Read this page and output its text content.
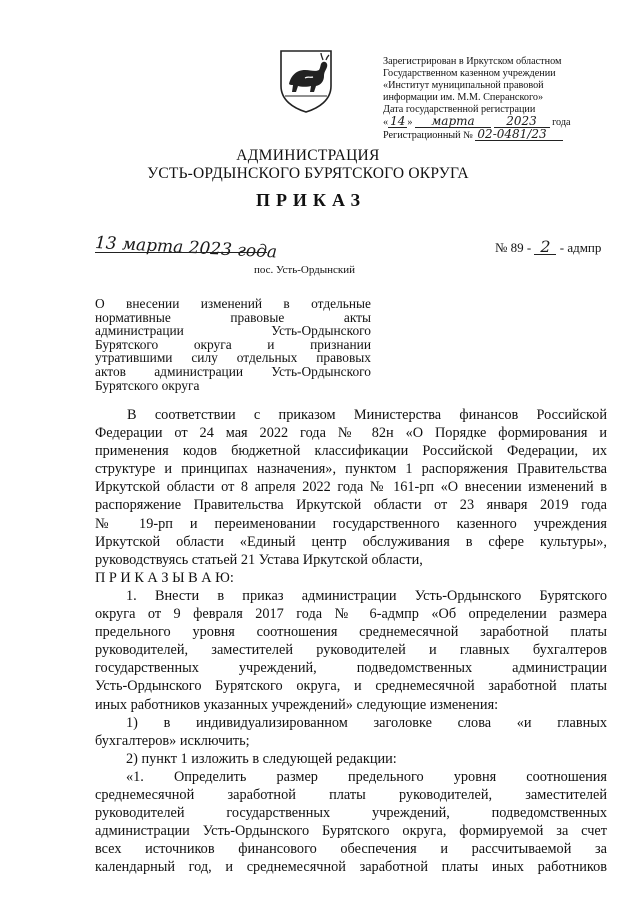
Зарегистрирован в Иркутском областном
Государственном казенном учреждении
«Институт муниципальной правовой
информации им. М.М. Сперанского»
Дата государственной регистрации
« 14 » марта	2023 года
Регистрационный № 02-0481/23
АДМИНИСТРАЦИЯ
УСТЬ-ОРДЫНСКОГО БУРЯТСКОГО ОКРУГА
ПРИКАЗ
13 марта 2023 года	№ 89 - 2 - адмпр
пос. Усть-Ордынский
О внесении изменений в отдельные
нормативные правовые акты
администрации Усть-Ордынского
Бурятского округа и признании
утратившими силу отдельных правовых
актов администрации Усть-Ордынского
Бурятского округа
В соответствии с приказом Министерства финансов Российской
Федерации от 24 мая 2022 года № 82н «О Порядке формирования и
применения кодов бюджетной классификации Российской Федерации, их
структуре и принципах назначения», пунктом 1 распоряжения Правительства
Иркутской области от 8 апреля 2022 года № 161-рп «О внесении изменений в
распоряжение Правительства Иркутской области от 23 января 2019 года
№ 19-рп и переименовании государственного казенного учреждения
Иркутской области «Единый центр обслуживания в сфере культуры»,
руководствуясь статьей 21 Устава Иркутской области,
П Р И К А З Ы В А Ю:
1. Внести в приказ администрации Усть-Ордынского Бурятского
округа от 9 февраля 2017 года № 6-адмпр «Об определении размера
предельного уровня соотношения среднемесячной заработной платы
руководителей, заместителей руководителей и главных бухгалтеров
государственных учреждений, подведомственных администрации
Усть-Ордынского Бурятского округа, и среднемесячной заработной платы
иных работников указанных учреждений» следующие изменения:
1) в индивидуализированном заголовке слова «и главных
бухгалтеров» исключить;
2) пункт 1 изложить в следующей редакции:
«1. Определить размер предельного уровня соотношения
среднемесячной заработной платы руководителей, заместителей
руководителей государственных учреждений, подведомственных
администрации Усть-Ордынского Бурятского округа, формируемой за счет
всех источников финансового обеспечения и рассчитываемой за
календарный год, и среднемесячной заработной платы иных работников
